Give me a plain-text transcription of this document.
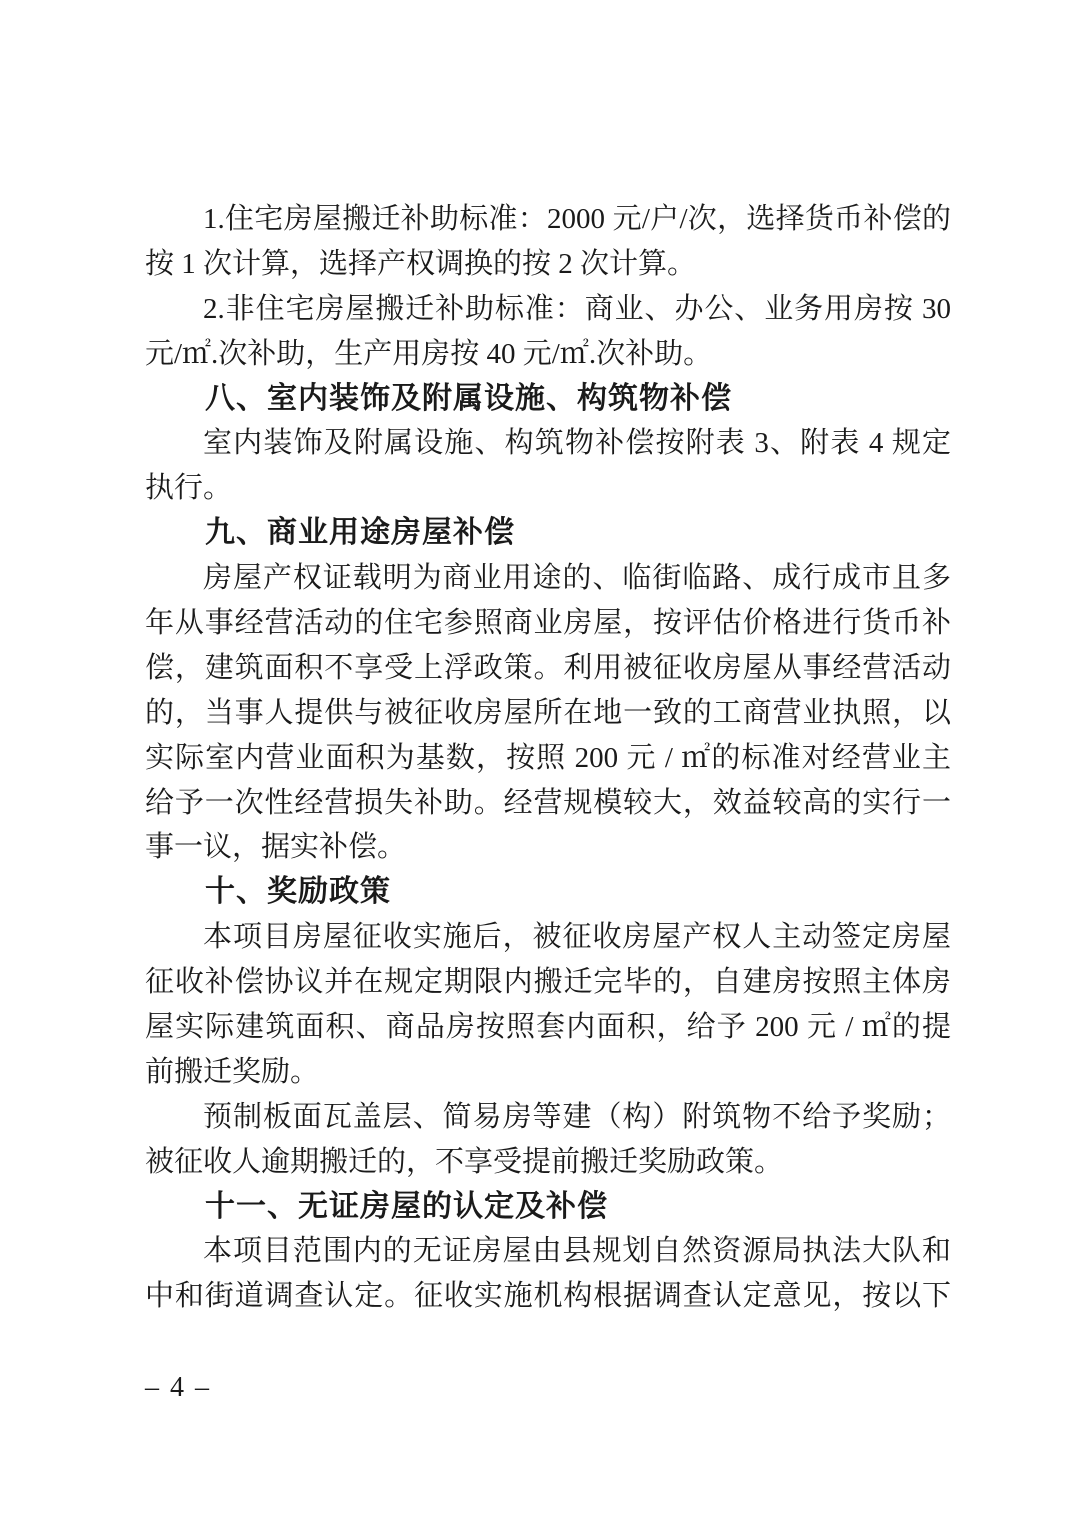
1.住宅房屋搬迁补助标准：2000 元/户/次，选择货币补偿的
按 1 次计算，选择产权调换的按 2 次计算。
2.非住宅房屋搬迁补助标准：商业、办公、业务用房按 30
元/㎡.次补助，生产用房按 40 元/㎡.次补助。
八、室内装饰及附属设施、构筑物补偿
室内装饰及附属设施、构筑物补偿按附表 3、附表 4 规定
执行。
九、商业用途房屋补偿
房屋产权证载明为商业用途的、临街临路、成行成市且多
年从事经营活动的住宅参照商业房屋，按评估价格进行货币补
偿，建筑面积不享受上浮政策。利用被征收房屋从事经营活动
的，当事人提供与被征收房屋所在地一致的工商营业执照，以
实际室内营业面积为基数，按照 200 元 / ㎡的标准对经营业主
给予一次性经营损失补助。经营规模较大，效益较高的实行一
事一议，据实补偿。
十、奖励政策
本项目房屋征收实施后，被征收房屋产权人主动签定房屋
征收补偿协议并在规定期限内搬迁完毕的，自建房按照主体房
屋实际建筑面积、商品房按照套内面积，给予 200 元 / ㎡的提
前搬迁奖励。
预制板面瓦盖层、简易房等建（构）附筑物不给予奖励；
被征收人逾期搬迁的，不享受提前搬迁奖励政策。
十一、无证房屋的认定及补偿
本项目范围内的无证房屋由县规划自然资源局执法大队和
中和街道调查认定。征收实施机构根据调查认定意见，按以下
– 4 –
